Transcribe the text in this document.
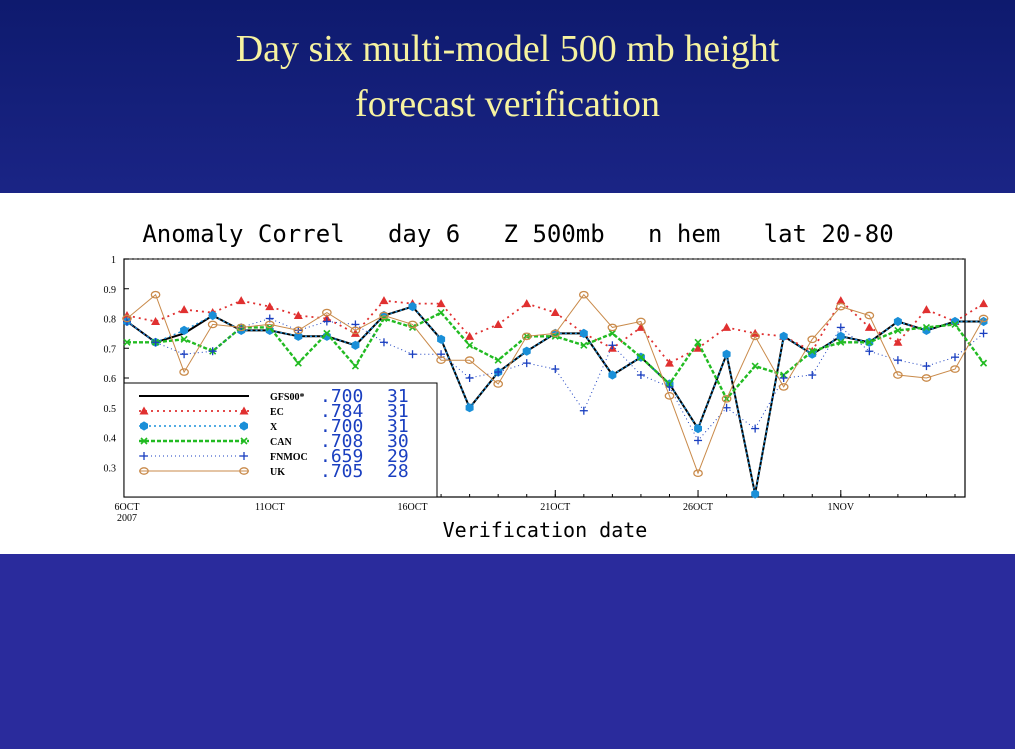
Day six multi-model 500 mb height
forecast verification
Anomaly Correl   day 6   Z 500mb   n hem   lat 20-80
0.3
0.4
0.5
0.6
0.7
0.8
0.9
1
6OCT	11OCT	16OCT	21OCT	26OCT	1NOV
2007
GFS00* .700 31
EC .784 31
X .700 31
CAN .708 30
FNMOC .659 29
UK .705 28
Verification date
